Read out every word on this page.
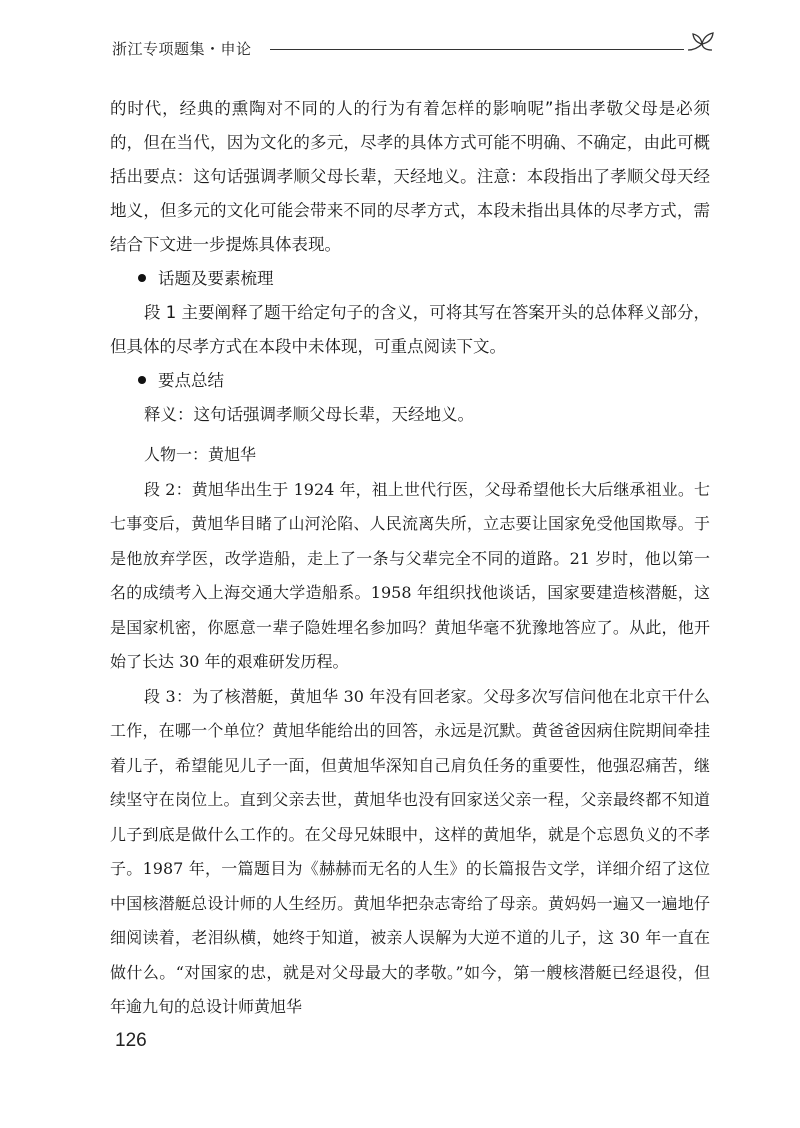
浙江专项题集・申论

的时代，经典的熏陶对不同的人的行为有着怎样的影响呢”指出孝敬父母是必须的，但在当代，因为文化的多元，尽孝的具体方式可能不明确、不确定，由此可概括出要点：这句话强调孝顺父母长辈，天经地义。注意：本段指出了孝顺父母天经地义，但多元的文化可能会带来不同的尽孝方式，本段未指出具体的尽孝方式，需结合下文进一步提炼具体表现。

话题及要素梳理

段 1 主要阐释了题干给定句子的含义，可将其写在答案开头的总体释义部分，但具体的尽孝方式在本段中未体现，可重点阅读下文。

要点总结

释义：这句话强调孝顺父母长辈，天经地义。

人物一：黄旭华

段 2：黄旭华出生于 1924 年，祖上世代行医，父母希望他长大后继承祖业。七七事变后，黄旭华目睹了山河沦陷、人民流离失所，立志要让国家免受他国欺辱。于是他放弃学医，改学造船，走上了一条与父辈完全不同的道路。21 岁时，他以第一名的成绩考入上海交通大学造船系。1958 年组织找他谈话，国家要建造核潜艇，这是国家机密，你愿意一辈子隐姓埋名参加吗？黄旭华毫不犹豫地答应了。从此，他开始了长达 30 年的艰难研发历程。

段 3：为了核潜艇，黄旭华 30 年没有回老家。父母多次写信问他在北京干什么工作，在哪一个单位？黄旭华能给出的回答，永远是沉默。黄爸爸因病住院期间牵挂着儿子，希望能见儿子一面，但黄旭华深知自己肩负任务的重要性，他强忍痛苦，继续坚守在岗位上。直到父亲去世，黄旭华也没有回家送父亲一程，父亲最终都不知道儿子到底是做什么工作的。在父母兄妹眼中，这样的黄旭华，就是个忘恩负义的不孝子。1987 年，一篇题目为《赫赫而无名的人生》的长篇报告文学，详细介绍了这位中国核潜艇总设计师的人生经历。黄旭华把杂志寄给了母亲。黄妈妈一遍又一遍地仔细阅读着，老泪纵横，她终于知道，被亲人误解为大逆不道的儿子，这 30 年一直在做什么。“对国家的忠，就是对父母最大的孝敬。”如今，第一艘核潜艇已经退役，但年逾九旬的总设计师黄旭华

126
